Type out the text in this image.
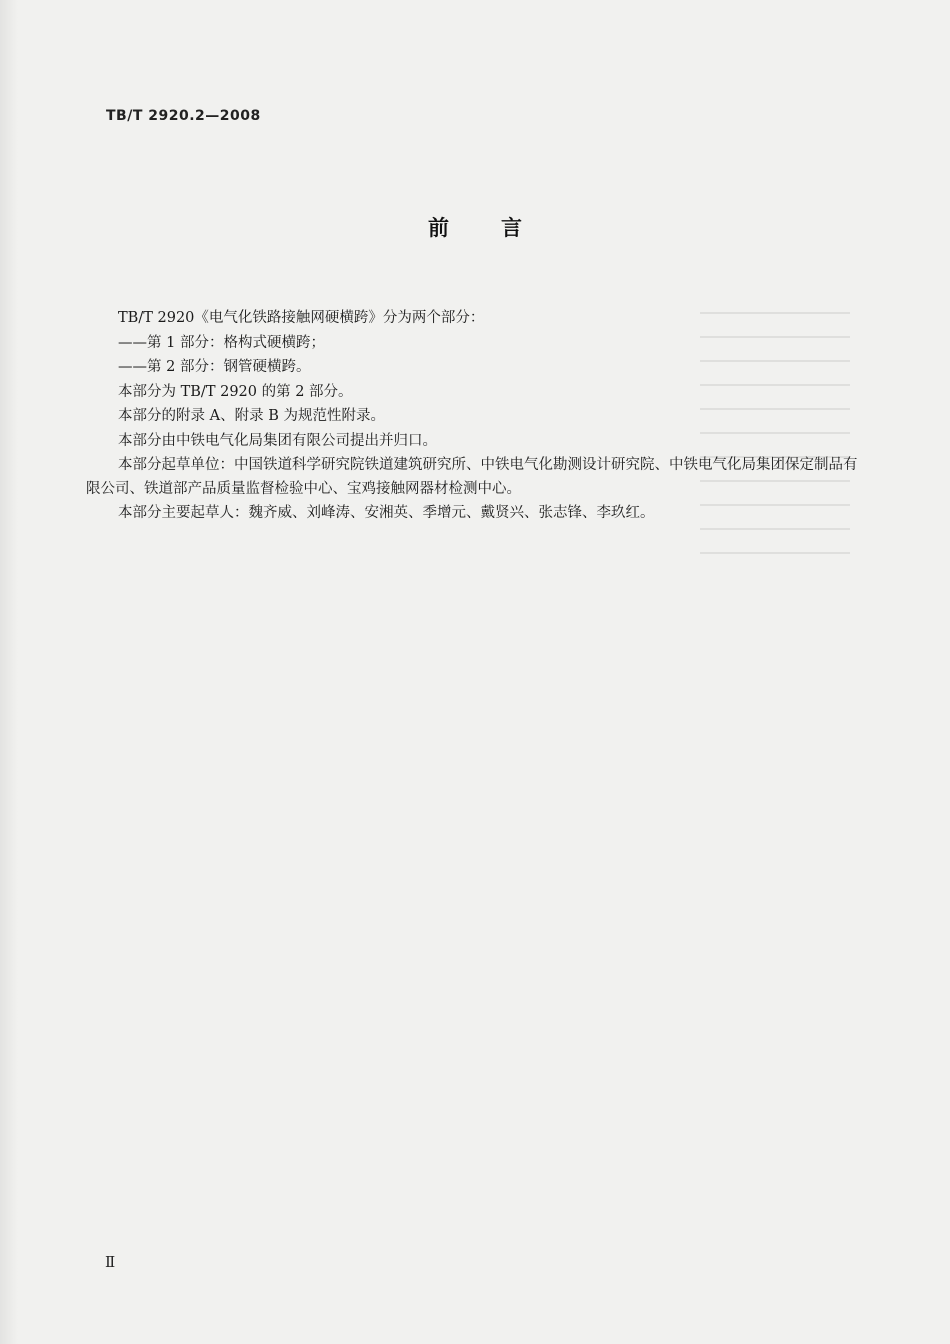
TB/T 2920.2—2008
前言

TB/T 2920《电气化铁路接触网硬横跨》分为两个部分：

——第 1 部分：格构式硬横跨；

——第 2 部分：钢管硬横跨。

本部分为 TB/T 2920 的第 2 部分。

本部分的附录 A、附录 B 为规范性附录。

本部分由中铁电气化局集团有限公司提出并归口。

本部分起草单位：中国铁道科学研究院铁道建筑研究所、中铁电气化勘测设计研究院、中铁电气化局集团保定制品有限公司、铁道部产品质量监督检验中心、宝鸡接触网器材检测中心。

本部分主要起草人：魏齐威、刘峰涛、安湘英、季增元、戴贤兴、张志锋、李玖红。

Ⅱ
